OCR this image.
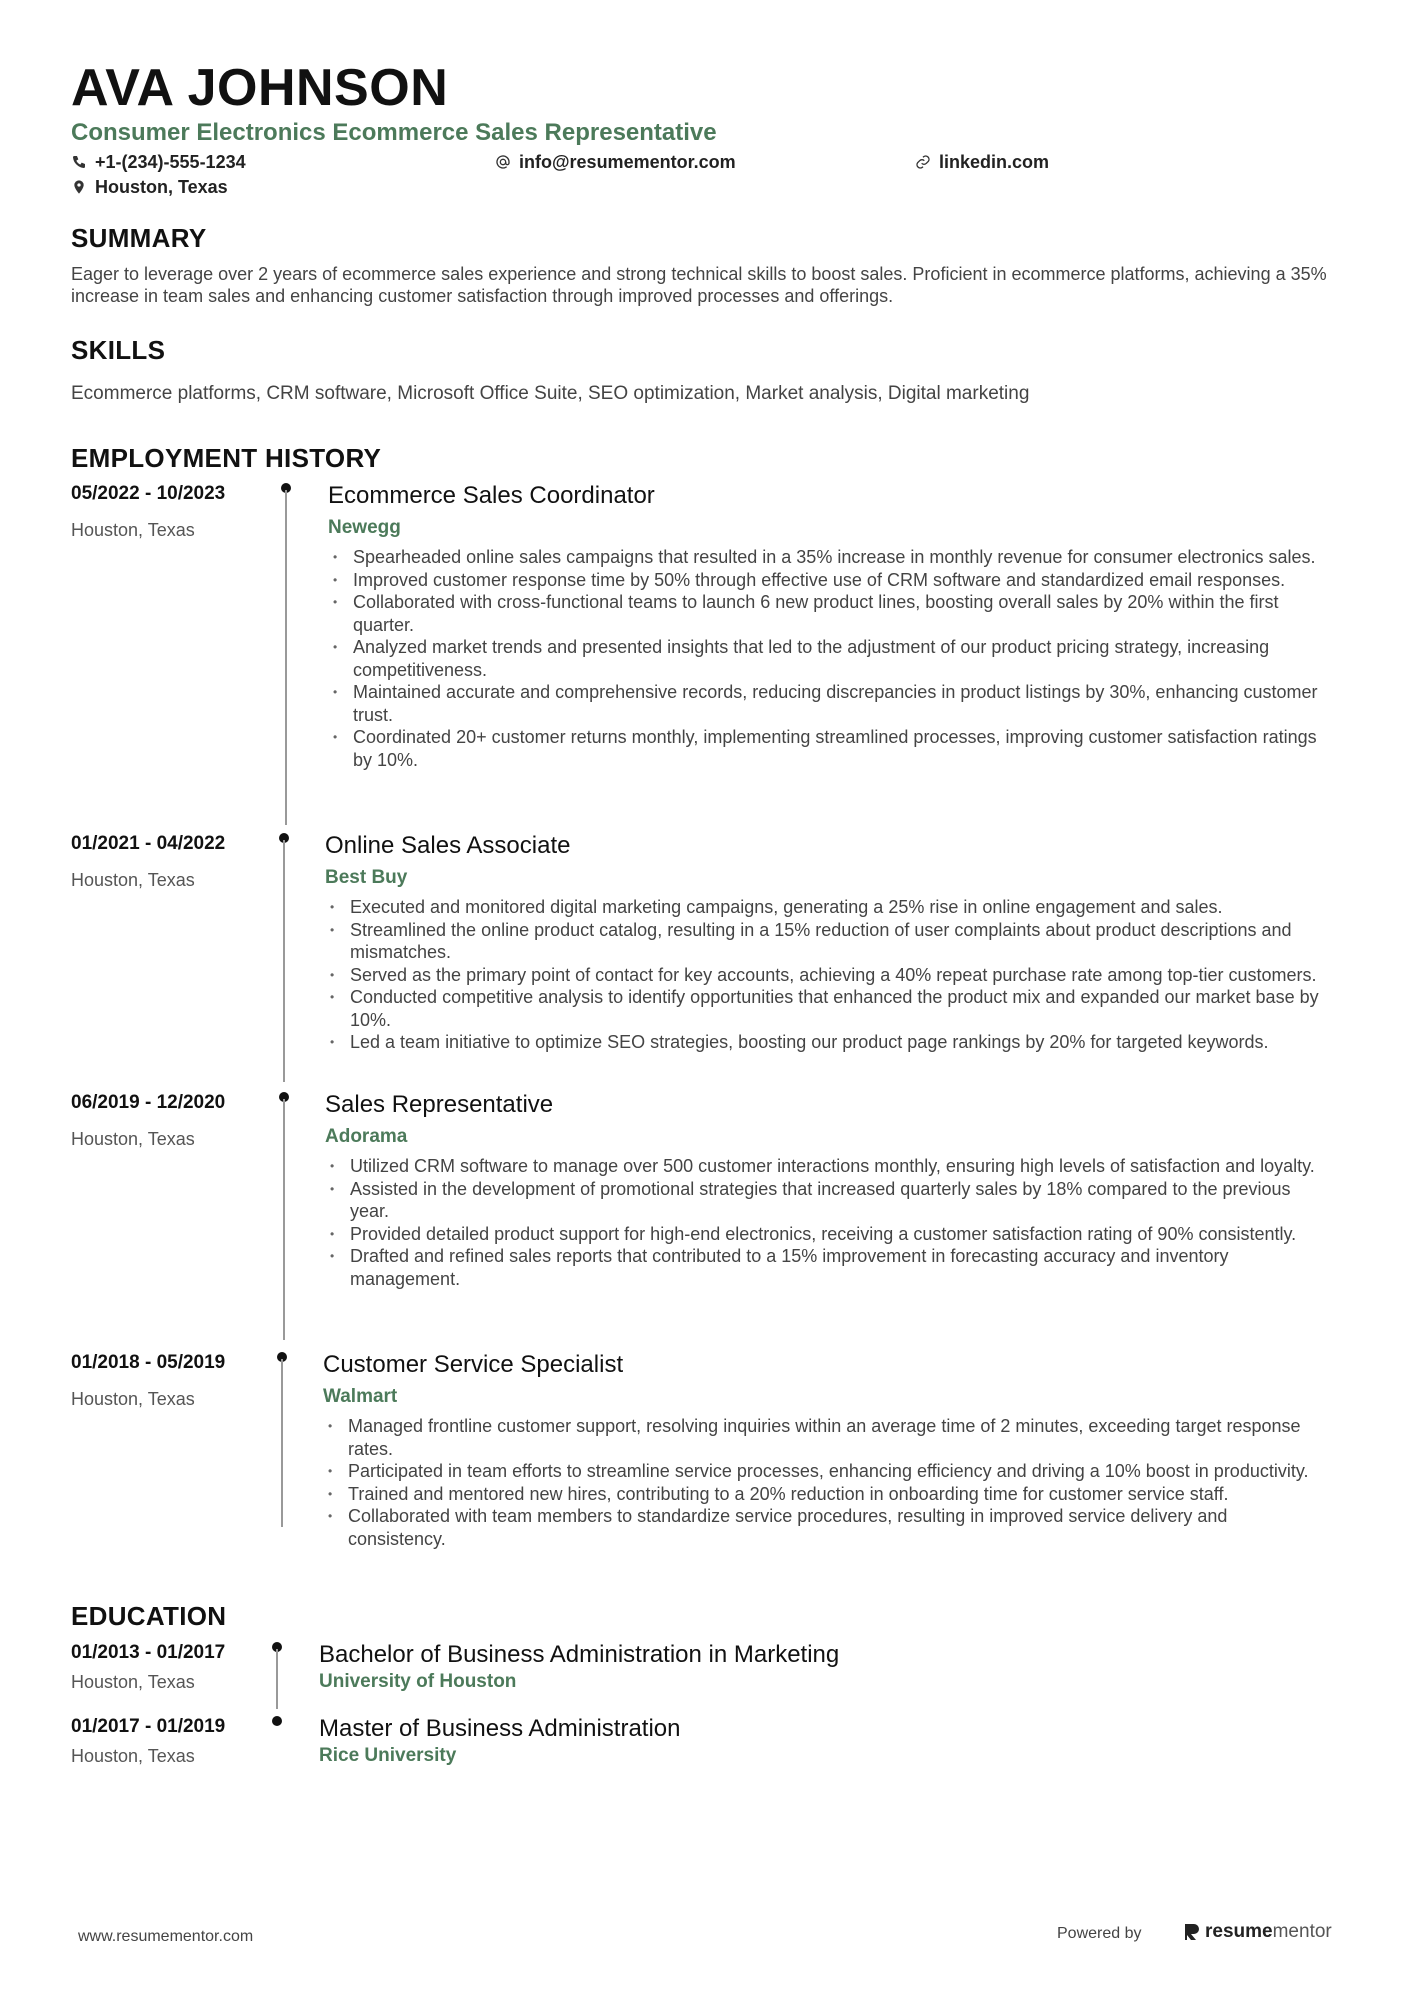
AVA JOHNSON
Consumer Electronics Ecommerce Sales Representative
+1-(234)-555-1234	info@resumementor.com	linkedin.com
Houston, Texas
SUMMARY
Eager to leverage over 2 years of ecommerce sales experience and strong technical skills to boost sales. Proficient in ecommerce platforms, achieving a 35% increase in team sales and enhancing customer satisfaction through improved processes and offerings.
SKILLS
Ecommerce platforms, CRM software, Microsoft Office Suite, SEO optimization, Market analysis, Digital marketing
EMPLOYMENT HISTORY
05/2022 - 10/2023
Houston, Texas
Ecommerce Sales Coordinator
Newegg
• Spearheaded online sales campaigns that resulted in a 35% increase in monthly revenue for consumer electronics sales.
• Improved customer response time by 50% through effective use of CRM software and standardized email responses.
• Collaborated with cross-functional teams to launch 6 new product lines, boosting overall sales by 20% within the first quarter.
• Analyzed market trends and presented insights that led to the adjustment of our product pricing strategy, increasing competitiveness.
• Maintained accurate and comprehensive records, reducing discrepancies in product listings by 30%, enhancing customer trust.
• Coordinated 20+ customer returns monthly, implementing streamlined processes, improving customer satisfaction ratings by 10%.
01/2021 - 04/2022
Houston, Texas
Online Sales Associate
Best Buy
• Executed and monitored digital marketing campaigns, generating a 25% rise in online engagement and sales.
• Streamlined the online product catalog, resulting in a 15% reduction of user complaints about product descriptions and mismatches.
• Served as the primary point of contact for key accounts, achieving a 40% repeat purchase rate among top-tier customers.
• Conducted competitive analysis to identify opportunities that enhanced the product mix and expanded our market base by 10%.
• Led a team initiative to optimize SEO strategies, boosting our product page rankings by 20% for targeted keywords.
06/2019 - 12/2020
Houston, Texas
Sales Representative
Adorama
• Utilized CRM software to manage over 500 customer interactions monthly, ensuring high levels of satisfaction and loyalty.
• Assisted in the development of promotional strategies that increased quarterly sales by 18% compared to the previous year.
• Provided detailed product support for high-end electronics, receiving a customer satisfaction rating of 90% consistently.
• Drafted and refined sales reports that contributed to a 15% improvement in forecasting accuracy and inventory management.
01/2018 - 05/2019
Houston, Texas
Customer Service Specialist
Walmart
• Managed frontline customer support, resolving inquiries within an average time of 2 minutes, exceeding target response rates.
• Participated in team efforts to streamline service processes, enhancing efficiency and driving a 10% boost in productivity.
• Trained and mentored new hires, contributing to a 20% reduction in onboarding time for customer service staff.
• Collaborated with team members to standardize service procedures, resulting in improved service delivery and consistency.
EDUCATION
01/2013 - 01/2017
Houston, Texas
Bachelor of Business Administration in Marketing
University of Houston
01/2017 - 01/2019
Houston, Texas
Master of Business Administration
Rice University
www.resumementor.com	Powered by	resume mentor
